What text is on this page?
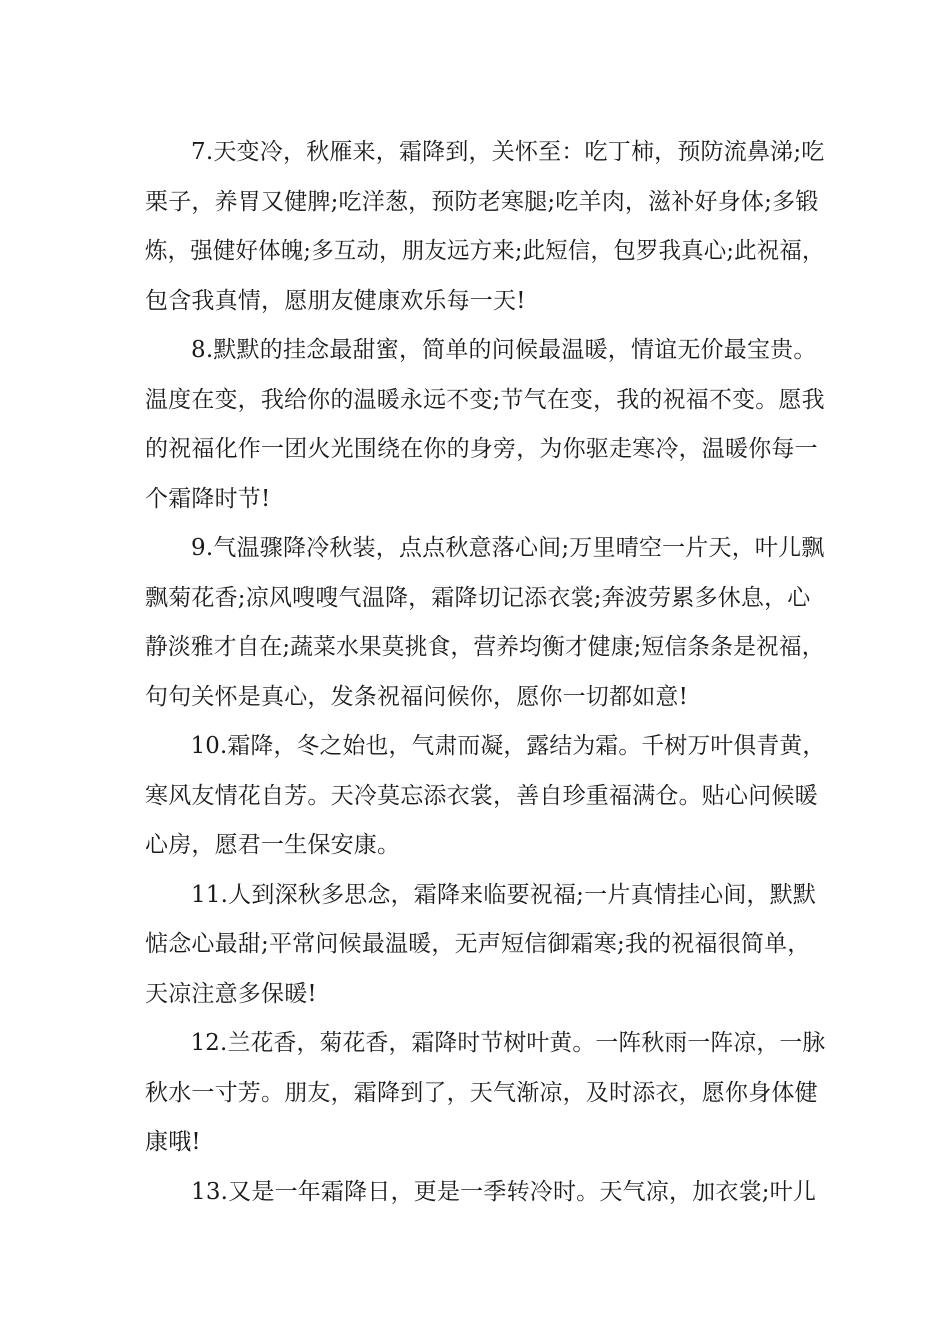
7.天变冷，秋雁来，霜降到，关怀至：吃丁柿，预防流鼻涕;吃
栗子，养胃又健脾;吃洋葱，预防老寒腿;吃羊肉，滋补好身体;多锻
炼，强健好体魄;多互动，朋友远方来;此短信，包罗我真心;此祝福，
包含我真情，愿朋友健康欢乐每一天!
8.默默的挂念最甜蜜，简单的问候最温暖，情谊无价最宝贵。
温度在变，我给你的温暖永远不变;节气在变，我的祝福不变。愿我
的祝福化作一团火光围绕在你的身旁，为你驱走寒冷，温暖你每一
个霜降时节!
9.气温骤降冷秋装，点点秋意落心间;万里晴空一片天，叶儿飘
飘菊花香;凉风嗖嗖气温降，霜降切记添衣裳;奔波劳累多休息，心
静淡雅才自在;蔬菜水果莫挑食，营养均衡才健康;短信条条是祝福，
句句关怀是真心，发条祝福问候你，愿你一切都如意!
10.霜降，冬之始也，气肃而凝，露结为霜。千树万叶俱青黄，
寒风友情花自芳。天冷莫忘添衣裳，善自珍重福满仓。贴心问候暖
心房，愿君一生保安康。
11.人到深秋多思念，霜降来临要祝福;一片真情挂心间，默默
惦念心最甜;平常问候最温暖，无声短信御霜寒;我的祝福很简单，
天凉注意多保暖!
12.兰花香，菊花香，霜降时节树叶黄。一阵秋雨一阵凉，一脉
秋水一寸芳。朋友，霜降到了，天气渐凉，及时添衣，愿你身体健
康哦!
13.又是一年霜降日，更是一季转冷时。天气凉，加衣裳;叶儿
